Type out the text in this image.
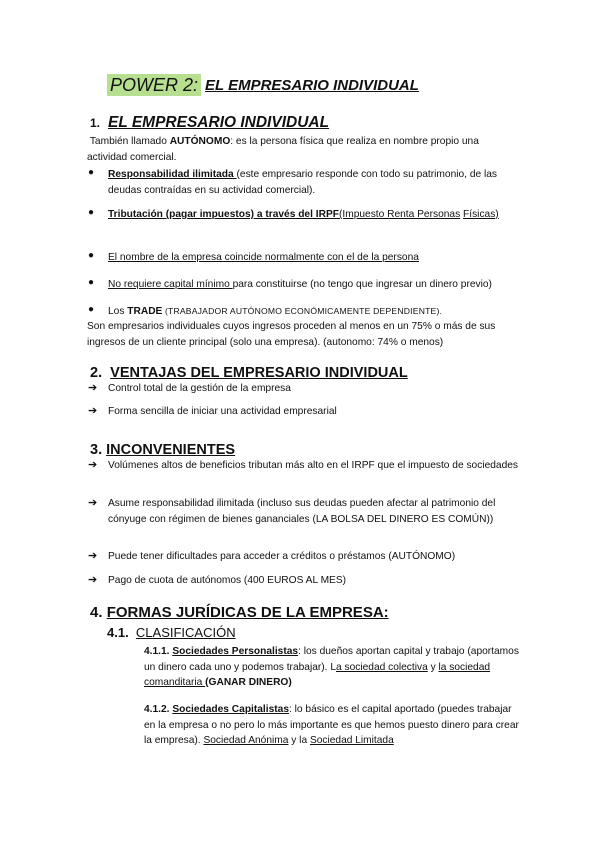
POWER 2: EL EMPRESARIO INDIVIDUAL
1. EL EMPRESARIO INDIVIDUAL

También llamado AUTÓNOMO: es la persona física que realiza en nombre propio una actividad comercial.

●	Responsabilidad ilimitada (este empresario responde con todo su patrimonio, de las deudas contraídas en su actividad comercial).

●	Tributación (pagar impuestos) a través del IRPF(Impuesto Renta Personas Físicas)

●	El nombre de la empresa coincide normalmente con el de la persona

●	No requiere capital mínimo para constituirse (no tengo que ingresar un dinero previo)

●	Los TRADE (TRABAJADOR AUTÓNOMO ECONÓMICAMENTE DEPENDIENTE).

Son empresarios individuales cuyos ingresos proceden al menos en un 75% o más de sus ingresos de un cliente principal (solo una empresa). (autonomo: 74% o menos)

2. VENTAJAS DEL EMPRESARIO INDIVIDUAL
➔	Control total de la gestión de la empresa

➔	Forma sencilla de iniciar una actividad empresarial

3. INCONVENIENTES
➔	Volúmenes altos de beneficios tributan más alto en el IRPF que el impuesto de sociedades

➔	Asume responsabilidad ilimitada (incluso sus deudas pueden afectar al patrimonio del cónyuge con régimen de bienes gananciales (LA BOLSA DEL DINERO ES COMÚN))

➔	Puede tener dificultades para acceder a créditos o préstamos (AUTÓNOMO)

➔	Pago de cuota de autónomos (400 EUROS AL MES)

4. FORMAS JURÍDICAS DE LA EMPRESA:
4.1. CLASIFICACIÓN

4.1.1. Sociedades Personalistas: los dueños aportan capital y trabajo (aportamos un dinero cada uno y podemos trabajar). La sociedad colectiva y la sociedad comanditaria (GANAR DINERO)

4.1.2. Sociedades Capitalistas: lo básico es el capital aportado (puedes trabajar en la empresa o no pero lo más importante es que hemos puesto dinero para crear la empresa). Sociedad Anónima y la Sociedad Limitada
